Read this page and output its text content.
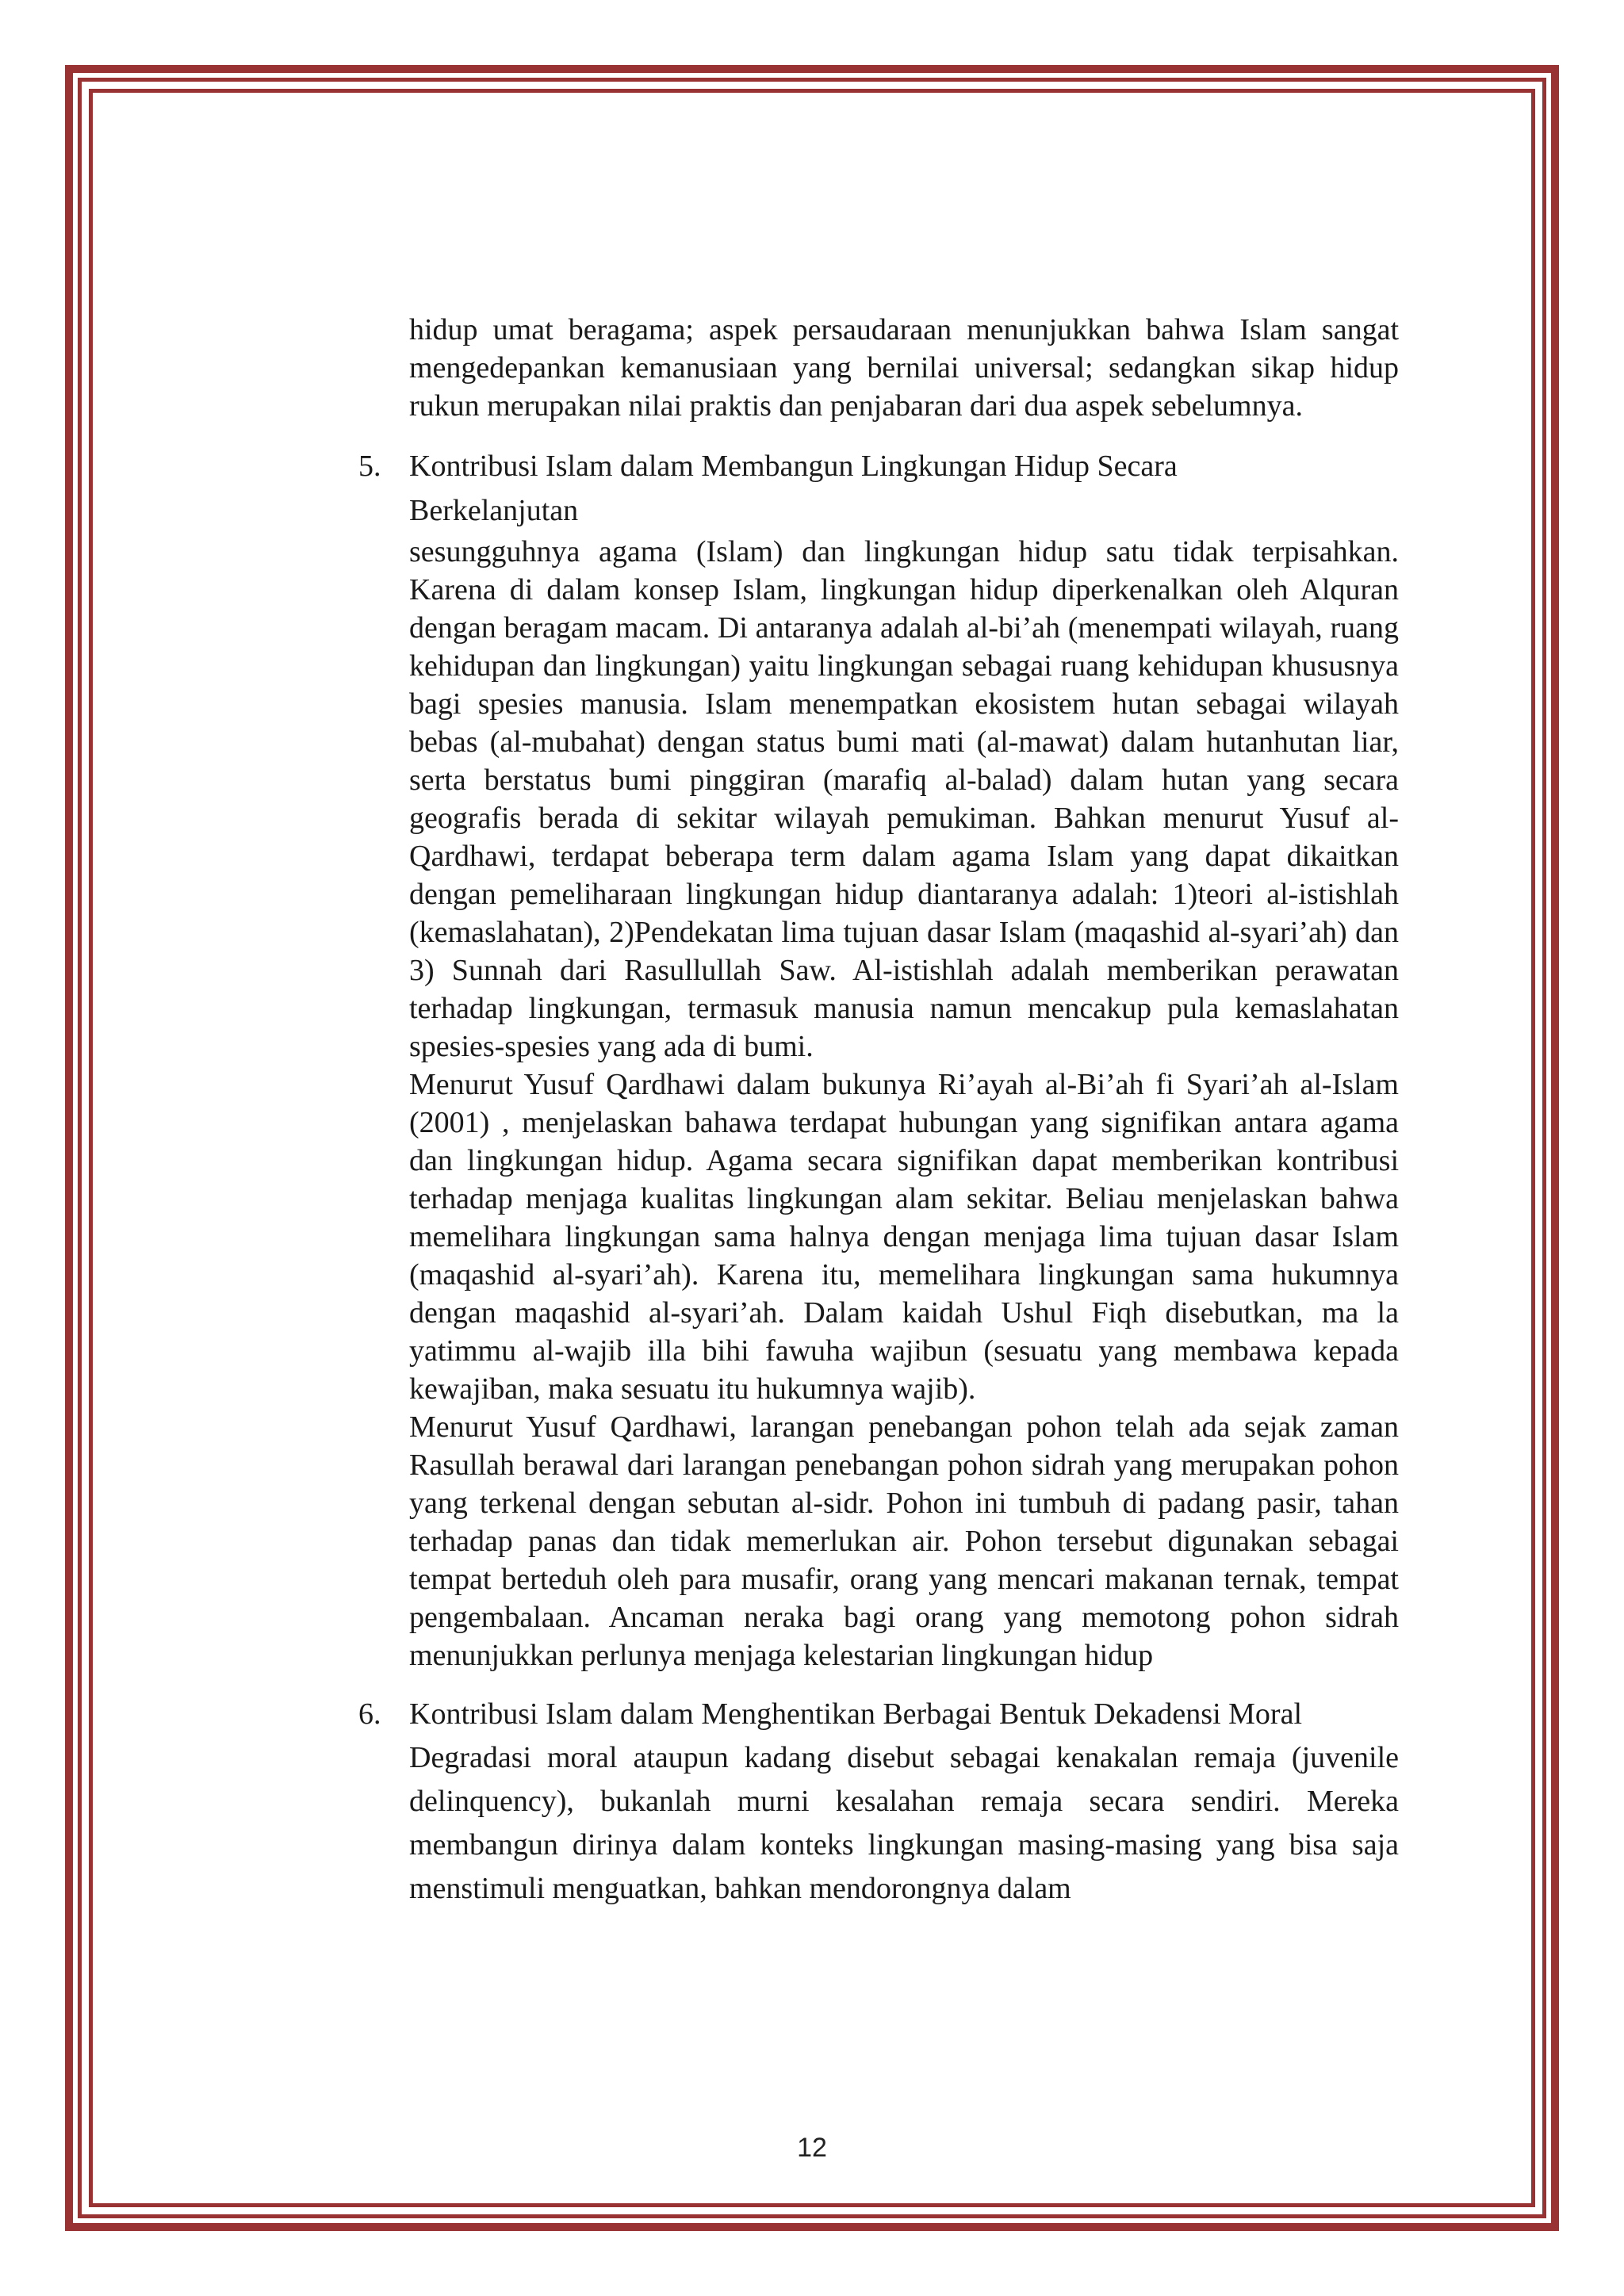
hidup umat beragama; aspek persaudaraan menunjukkan bahwa Islam sangat mengedepankan kemanusiaan yang bernilai universal; sedangkan sikap hidup rukun merupakan nilai praktis dan penjabaran dari dua aspek sebelumnya.

5. Kontribusi Islam dalam Membangun Lingkungan Hidup Secara
Berkelanjutan

sesungguhnya agama (Islam) dan lingkungan hidup satu tidak terpisahkan. Karena di dalam konsep Islam, lingkungan hidup diperkenalkan oleh Alquran dengan beragam macam. Di antaranya adalah al-bi’ah (menempati wilayah, ruang kehidupan dan lingkungan) yaitu lingkungan sebagai ruang kehidupan khususnya bagi spesies manusia. Islam menempatkan ekosistem hutan sebagai wilayah bebas (al-mubahat) dengan status bumi mati (al-mawat) dalam hutanhutan liar, serta berstatus bumi pinggiran (marafiq al-balad) dalam hutan yang secara geografis berada di sekitar wilayah pemukiman. Bahkan menurut Yusuf al-Qardhawi, terdapat beberapa term dalam agama Islam yang dapat dikaitkan dengan pemeliharaan lingkungan hidup diantaranya adalah: 1)teori al-istishlah (kemaslahatan), 2)Pendekatan lima tujuan dasar Islam (maqashid al-syari’ah) dan 3) Sunnah dari Rasullullah Saw. Al-istishlah adalah memberikan perawatan terhadap lingkungan, termasuk manusia namun mencakup pula kemaslahatan spesies-spesies yang ada di bumi.

Menurut Yusuf Qardhawi dalam bukunya Ri’ayah al-Bi’ah fi Syari’ah al-Islam (2001) , menjelaskan bahawa terdapat hubungan yang signifikan antara agama dan lingkungan hidup. Agama secara signifikan dapat memberikan kontribusi terhadap menjaga kualitas lingkungan alam sekitar. Beliau menjelaskan bahwa memelihara lingkungan sama halnya dengan menjaga lima tujuan dasar Islam (maqashid al-syari’ah). Karena itu, memelihara lingkungan sama hukumnya dengan maqashid al-syari’ah. Dalam kaidah Ushul Fiqh disebutkan, ma la yatimmu al-wajib illa bihi fawuha wajibun (sesuatu yang membawa kepada kewajiban, maka sesuatu itu hukumnya wajib).

Menurut Yusuf Qardhawi, larangan penebangan pohon telah ada sejak zaman Rasullah berawal dari larangan penebangan pohon sidrah yang merupakan pohon yang terkenal dengan sebutan al-sidr. Pohon ini tumbuh di padang pasir, tahan terhadap panas dan tidak memerlukan air. Pohon tersebut digunakan sebagai tempat berteduh oleh para musafir, orang yang mencari makanan ternak, tempat pengembalaan. Ancaman neraka bagi orang yang memotong pohon sidrah menunjukkan perlunya menjaga kelestarian lingkungan hidup

6. Kontribusi Islam dalam Menghentikan Berbagai Bentuk Dekadensi Moral

Degradasi moral ataupun kadang disebut sebagai kenakalan remaja (juvenile delinquency), bukanlah murni kesalahan remaja secara sendiri. Mereka membangun dirinya dalam konteks lingkungan masing-masing yang bisa saja menstimuli menguatkan, bahkan mendorongnya dalam

12
